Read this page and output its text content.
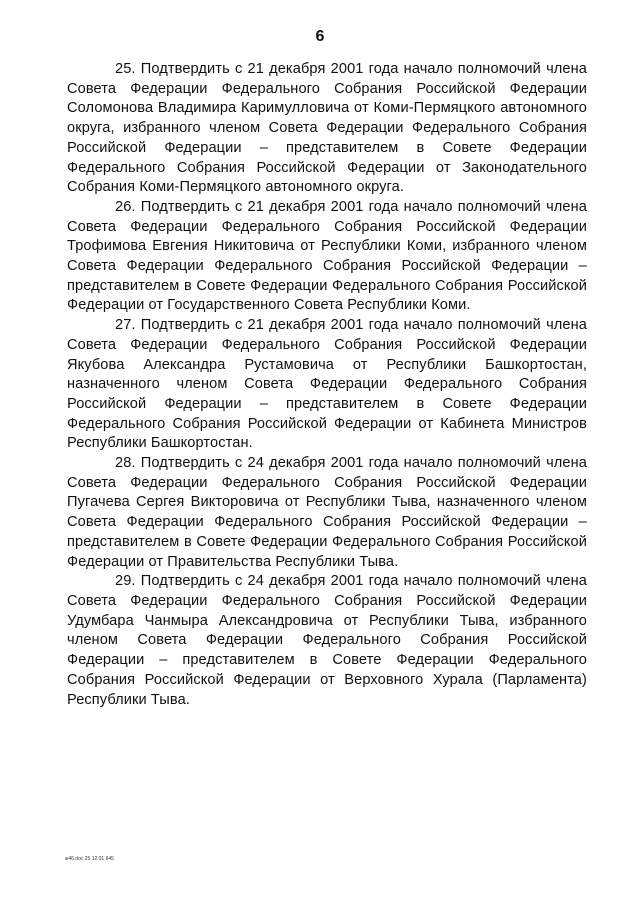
6

25. Подтвердить с 21 декабря 2001 года начало полномочий члена Совета Федерации Федерального Собрания Российской Федерации Соломонова Владимира Каримулловича от Коми-Пермяцкого автономного округа, избранного членом Совета Федерации Федерального Собрания Российской Федерации – представителем в Совете Федерации Федерального Собрания Российской Федерации от Законодательного Собрания Коми-Пермяцкого автономного округа.

26. Подтвердить с 21 декабря 2001 года начало полномочий члена Совета Федерации Федерального Собрания Российской Федерации Трофимова Евгения Никитовича от Республики Коми, избранного членом Совета Федерации Федерального Собрания Российской Федерации – представителем в Совете Федерации Федерального Собрания Российской Федерации от Государственного Совета Республики Коми.

27. Подтвердить с 21 декабря 2001 года начало полномочий члена Совета Федерации Федерального Собрания Российской Федерации Якубова Александра Рустамовича от Республики Башкортостан, назначенного членом Совета Федерации Федерального Собрания Российской Федерации – представителем в Совете Федерации Федерального Собрания Российской Федерации от Кабинета Министров Республики Башкортостан.

28. Подтвердить с 24 декабря 2001 года начало полномочий члена Совета Федерации Федерального Собрания Российской Федерации Пугачева Сергея Викторовича от Республики Тыва, назначенного членом Совета Федерации Федерального Собрания Российской Федерации – представителем в Совете Федерации Федерального Собрания Российской Федерации от Правительства Республики Тыва.

29. Подтвердить с 24 декабря 2001 года начало полномочий члена Совета Федерации Федерального Собрания Российской Федерации Удумбара Чанмыра Александровича от Республики Тыва, избранного членом Совета Федерации Федерального Собрания Российской Федерации – представителем в Совете Федерации Федерального Собрания Российской Федерации от Верховного Хурала (Парламента) Республики Тыва.

ж46.doc 25.12.01 645
